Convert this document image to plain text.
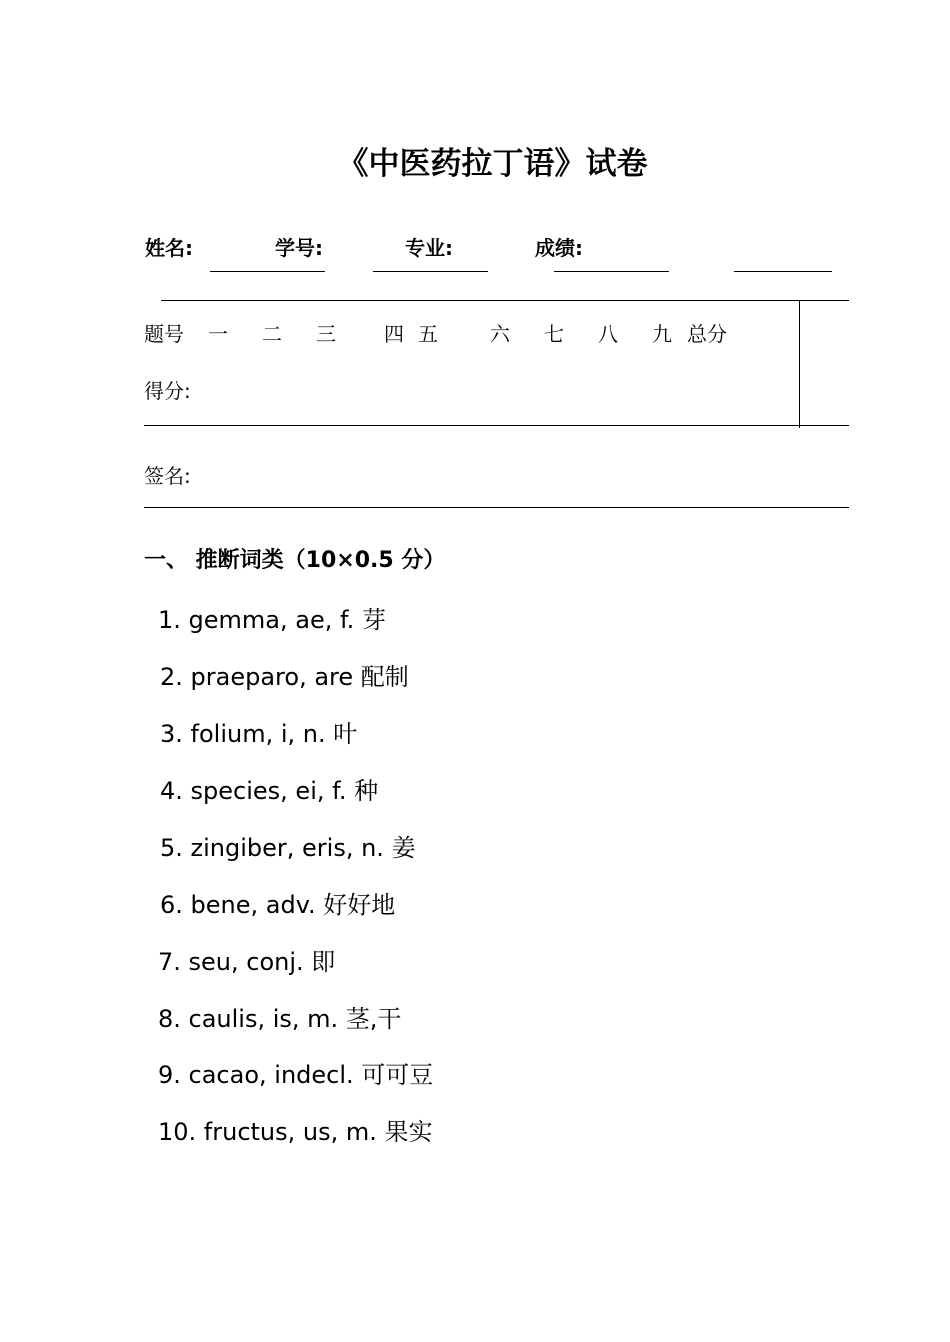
《中医药拉丁语》试卷
姓名:	学号:	专业:	成绩:
题号 一 二 三 四 五	六 七 八 九 总分
得分:
签名:
一、 推断词类（10×0.5 分）
1. gemma, ae, f. 芽
2. praeparo, are 配制
3. folium, i, n. 叶
4. species, ei, f. 种
5. zingiber, eris, n. 姜
6. bene, adv. 好好地
7. seu, conj. 即
8. caulis, is, m. 茎,干
9. cacao, indecl. 可可豆
10. fructus, us, m. 果实
